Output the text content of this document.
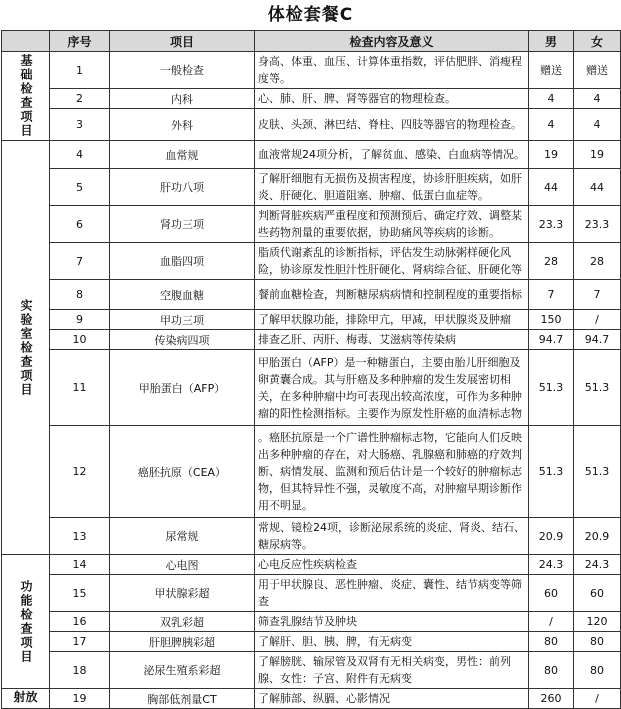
体检套餐C
	序号	项目	检查内容及意义	男	女
基础检查项目	1	一般检查	身高、体重、血压、计算体重指数，评估肥胖、消瘦程度等。	赠送	赠送
	2	内科	心、肺、肝、脾、肾等器官的物理检查。	4	4
	3	外科	皮肤、头颈、淋巴结、脊柱、四肢等器官的物理检查。	4	4
实验室检查项目	4	血常规	血液常规24项分析，了解贫血、感染、白血病等情况。	19	19
	5	肝功八项	了解肝细胞有无损伤及损害程度，协诊肝胆疾病，如肝炎、肝硬化、胆道阻塞、肿瘤、低蛋白血症等。	44	44
	6	肾功三项	判断肾脏疾病严重程度和预测预后、确定疗效、调整某些药物剂量的重要依据，协助痛风等疾病的诊断。	23.3	23.3
	7	血脂四项	脂质代谢紊乱的诊断指标，评估发生动脉粥样硬化风险，协诊原发性胆汁性肝硬化、肾病综合征、肝硬化等	28	28
	8	空腹血糖	餐前血糖检查，判断糖尿病病情和控制程度的重要指标	7	7
	9	甲功三项	了解甲状腺功能，排除甲亢，甲减，甲状腺炎及肿瘤	150	/
	10	传染病四项	排查乙肝、丙肝、梅毒、艾滋病等传染病	94.7	94.7
	11	甲胎蛋白（AFP）	甲胎蛋白（AFP）是一种糖蛋白，主要由胎儿肝细胞及卵黄囊合成。其与肝癌及多种肿瘤的发生发展密切相关，在多种肿瘤中均可表现出较高浓度，可作为多种肿瘤的阳性检测指标。主要作为原发性肝癌的血清标志物	51.3	51.3
	12	癌胚抗原（CEA）	。癌胚抗原是一个广谱性肿瘤标志物，它能向人们反映出多种肿瘤的存在，对大肠癌、乳腺癌和肺癌的疗效判断、病情发展、监测和预后估计是一个较好的肿瘤标志物，但其特异性不强，灵敏度不高，对肿瘤早期诊断作用不明显。	51.3	51.3
	13	尿常规	常规、镜检24项，诊断泌尿系统的炎症、肾炎、结石、糖尿病等。	20.9	20.9
功能检查项目	14	心电图	心电反应性疾病检查	24.3	24.3
	15	甲状腺彩超	用于甲状腺良、恶性肿瘤、炎症、囊性、结节病变等筛查	60	60
	16	双乳彩超	筛查乳腺结节及肿块	/	120
	17	肝胆脾胰彩超	了解肝、胆、胰、脾，有无病变	80	80
	18	泌尿生殖系彩超	了解膀胱、输尿管及双肾有无相关病变，男性：前列腺、女性：子宫、附件有无病变	80	80
射放	19	胸部低剂量CT	了解肺部、纵膈、心影情况	260	/
